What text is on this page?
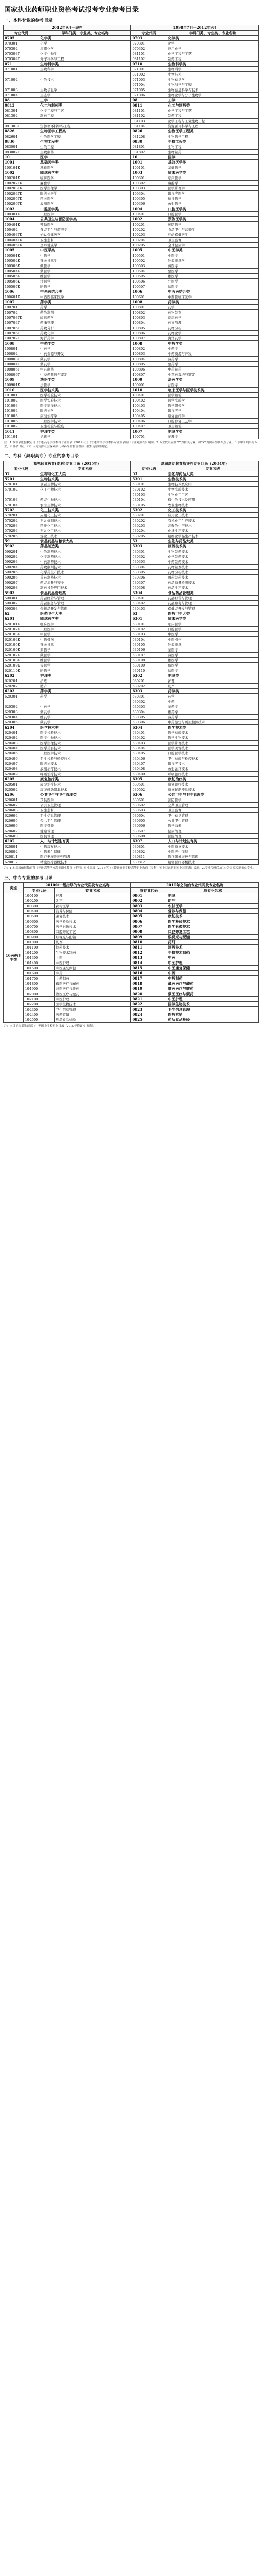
国家执业药师职业资格考试报考专业参考目录
一、本科专业的参考目录
2012年9月—现在		1998年7月—2012年9月	
专业代码	学科门类、专业类、专业名称	专业代码	学科门类、专业类、专业名称
0705	化学类	0703	化学类
070301	化学	070301	化学
070302	应用化学	070302	应用化学
070303T	化学生物学	081101	化学工程与工艺
070304T	分子科学与工程	081102	制药工程
071	生物科学类	0710	生物科学类
071001	生物科学	071001	生物科学
		071002	生物技术
071002	生物技术	071003	生物信息学
		071004	生物科学与工程
071003	生物信息学	071005	生物信息科学与技术
071004	生态学	071006	生物化学与分子生物学
08	工学	08	工学
0813	化工与制药类	0811	化工与制药类
081301	化学工程与工艺	081101	化学工程与工艺
081302	制药工程	081102	制药工程
		081103	化学工程与工业生物工程
081303T	资源循环科学与工程	081104	资源循环科学与工程
0826	生物医学工程类	0826	生物医学工程类
082601	生物医学工程	081208	生物医学工程
0830	生物工程类	0830	生物工程类
083001	生物工程	081801	生物工程
083002T	生物制药	081802	生物制药
10	医学	10	医学
1001	基础医学类	1001	基础医学类
100101K	基础医学	100101	基础医学
1002	临床医学类	1003	临床医学类
100201K	临床医学	100301	临床医学
100202TK	麻醉学	100302	麻醉学
100203TK	医学影像学	100303	医学影像学
100204TK	眼视光医学	100304	眼视光医学
100205TK	精神医学	100305	精神医学
100206TK	放射医学	100306	放射医学
1003	口腔医学类	1004	口腔医学类
100301K	口腔医学	100401	口腔医学
1004	公共卫生与预防医学类	1002	预防医学类
100401K	预防医学	100201	预防医学
100402	食品卫生与营养学	100202	食品卫生与营养学
100403TK	妇幼保健医学	100203	妇幼保健医学
100404TK	卫生监督	100204	卫生监督
100405TK	全球健康学	100205	全球健康学
1005	中医学类	1005	中医学类
100501K	中医学	100501	中医学
100502K	针灸推拿学	100502	针灸推拿学
100503K	藏医学	100503	藏医学
100504K	蒙医学	100504	蒙医学
100505K	维医学	100505	维医学
100506K	壮医学	100506	壮医学
100507K	哈医学	100507	哈医学
1006	中西医结合类	1006	中西医结合类
100601K	中西医临床医学	100601	中西医临床医学
1007	药学类	1008	药学类
100701	药学	100801	药学
100702	药物制剂	100802	药物制剂
100703TK	临床药学	100803	临床药学
100704T	药事管理	100804	药事管理
100705T	药物分析	100805	药物分析
100706T	药物化学	100806	药物化学
100707T	海洋药学	100807	海洋药学
1008	中药学类	1008	中药学类
100801	中药学	100802	中药学
100802	中药资源与开发	100803	中药资源与开发
100803T	藏药学	100804	藏药学
100804T	蒙药学	100805	蒙药学
100805T	中药制药	100806	中药制药
100806T	中草药栽培与鉴定	100807	中草药栽培与鉴定
1009	法医学类	1009	法医学类
100901K	法医学	100901	法医学
1010	医学技术类	1010	临床医学与医学技术类
101001	医学检验技术	100401	医学检验
101002	医学实验技术	100402	医学实验学
101003	医学影像技术	100403	医学影像学
101004	眼视光学	100404	眼视光学
101005	康复治疗学	100405	康复治疗学
101006	口腔医学技术	100406	口腔修复工艺学
101007	卫生检验与检疫	100407	卫生检验
1011	护理学类	1007	护理学类
101101	护理学	100701	护理学
注：1.本目录依据教育部《普通高等学校本科专业目录（2012年）》《普通高等学校本科专业目录新旧专业对照表》编制。2.专业代码后加“T”为特设专业，加“K”为国家控制布点专业。3.表中未列出的专业，由各省（区、市）人力资源社会保障部门和药品监督管理部门按相近原则确定。
二、专科（高职高专）专业的参考目录
高等职业教育(专科)专业目录（2015年）		高职高专教育指导性专业目录（2004年）	
专业代码	专业名称	专业代码	专业名称
57	生物与化工大类	53	生化与药品大类
5701	生物技术类	5301	生物技术类
570101	食品生物技术	530101	生物技术及应用
570102	化工生物技术	530102	生物实验技术
		530103	生物化工工艺
570103	药品生物技术	530104	微生物技术及应用
570104	农业生物技术	530105	农业生物技术
5702	化工技术类	5302	化工技术类
570201	应用化工技术	530201	应用化工技术
570202	石油炼制技术	530202	有机化工生产技术
570203	精细化工技术	530203	高聚物生产技术
570204	石油化工技术	530204	化纤生产技术
570205	煤化工技术	530205	精细化学品生产技术
59	食品药品与粮食大类	53	生化与药品大类
5902	药品制造类	5303	制药技术类
590201	生物制药技术	530301	生物制药技术
590202	化学制药技术	530302	化学制药技术
590203	中药制药技术	530303	中药制药技术
590204	药物制剂技术	530304	药物制剂技术
590205	化学药生产技术	530305	药物分析技术
590206	兽药制药技术	530306	兽药制药技术
590207	药品质量与安全	530307	药品质量检测技术
590208	制药设备应用技术	530308	药品生产技术
5903	食品药品管理类	5304	食品药品管理类
590301	药品经营与管理	530401	药品经营与管理
590302	药品服务与管理	530402	药品服务与管理
590303	保健品开发与管理	530403	保健品开发与管理
62	医药卫生大类	63	医药卫生大类
6201	临床医学类	6301	临床医学类
620101K	临床医学	630101	临床医学
620102K	口腔医学	630102	口腔医学
620103K	中医学	630103	中医学
620104K	中医骨伤	630104	中医骨伤
620105K	针灸推拿	630105	针灸推拿
620106K	蒙医学	630106	蒙医学
620107K	藏医学	630107	藏医学
620108K	维医学	630108	维医学
620109K	傣医学	630109	傣医学
620110K	哈医学	630110	哈医学
6202	护理类	6302	护理类
620201	护理	630201	护理
620202	助产	630202	助产
6203	药学类	6303	药学类
620301	药学	630301	药学
		630302	中药
620302	中药学	630303	蒙药学
620303	蒙药学	630304	维药学
620304	维药学	630305	藏药学
620305	藏药学	630306	中药鉴定与质量检测技术
6204	医学技术类	6304	医学技术类
620401	医学检验技术	630401	医学检验技术
620402	医学生物技术	630402	医学生物技术
620403	医学影像技术	630403	医学影像技术
620404	医学美容技术	630404	医学美容技术
620405	口腔医学技术	630405	口腔医学技术
620406	卫生检验与检疫技术	630406	卫生检验与检疫技术
620407	眼视光技术	630407	眼视光技术
620408	放射治疗技术	630408	放射治疗技术
620409	呼吸治疗技术	630409	呼吸治疗技术
6205	康复治疗类	6305	康复治疗类
620501	康复治疗技术	630501	康复治疗技术
620502	康复辅助器具技术	630502	康复辅助器具技术
6206	公共卫生与卫生管理类	6306	公共卫生与卫生管理类
620601	预防医学	630601	预防医学
620602	公共卫生管理	630602	公共卫生管理
620603	卫生监督	630603	卫生监督
620604	卫生信息管理	630604	卫生信息管理
620605	公共卫生管理	630605	公共卫生管理
620606	医学营养	630606	医学营养
620607	健康管理	630607	健康管理
620608	医院管理	630608	医院管理
6207	人口与计划生育类	6307	人口与计划生育类
620801	中医康复技术	630801	中医康复技术
620802	中医养生保健	630802	中医养生保健
620811	医疗器械维护与管理	630811	医疗器械维护与管理
620812	精密医疗器械技术	630812	精密医疗器械技术
注：1.本目录依据教育部《普通高等学校高等职业教育（专科）专业目录（2015年）》《普通高等学校高等职业教育（专科）专业目录新旧专业对照表》编制。2.专业代码后加“K”为国家控制布点专业。
三、中专专业的参考目录
类别	2010年一级指导的专业代码及专业名称		2010年之前的专业代码及专业名称	
	专业代码	专业名称	原专业代码	原专业名称
10医药卫生类	100100	护理	0801	护理
	100200	助产	0802	助产
	100300	农村医学	0803	农村医学
	100400	营养与保健	0804	营养与保健
	100500	康复技术	0805	康复技术
	100600	医学检验技术	0806	医学检验技术
	100700	医学影像技术	0807	医学影像技术
	100800	口腔修复工艺	0808	口腔修复工艺
	100900	眼视光与配镜	0809	眼视光与配镜
	101000	药剂	0810	药剂
	101100	制药技术	0811	制药技术
	101200	生物技术制药	0812	生物技术制药
	101300	中医	0813	中医
	101400	中医护理	0814	中医护理
	101500	中医康复保健	0815	中医康复保健
	101600	中药	0816	中药
	101700	中药制药	0817	中药制药
	101800	藏医医疗与藏药	0818	藏医医疗与藏药
	101900	维医医疗与维药	0819	维医医疗与维药
	102000	蒙医医疗与蒙药	0820	蒙医医疗与蒙药
	102100	中医护理	0821	中医护理
	102200	医学生物技术	0822	医学生物技术
	102300	卫生信息管理	0823	卫生信息管理
	102400	医药营销	0824	医药营销
	102500	药品食品检验	0825	药品食品检验
注：本目录依据教育部《中等职业学校专业目录（2010年修订）》编制。
